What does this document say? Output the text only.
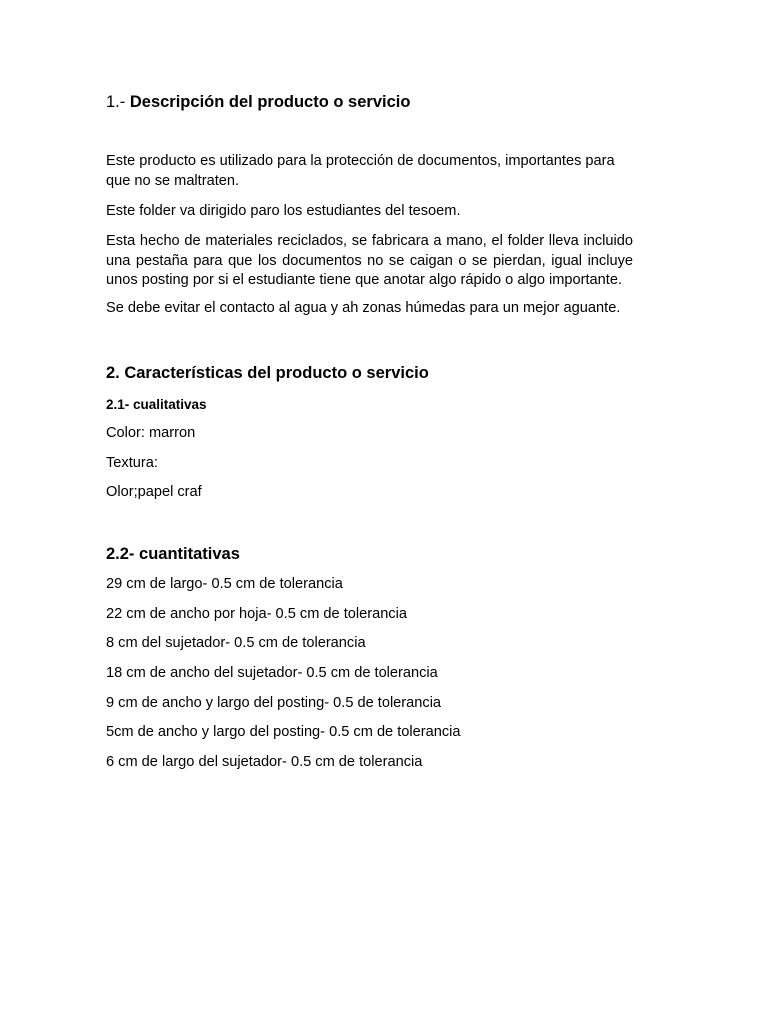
1.- Descripción del producto o servicio
Este producto es utilizado para la protección de documentos, importantes para que no se maltraten.
Este folder va dirigido paro los estudiantes del tesoem.
Esta hecho de materiales reciclados, se fabricara a mano, el folder lleva incluido una pestaña para que los documentos no se caigan o se pierdan, igual incluye unos posting por si el estudiante tiene que anotar algo rápido o algo importante.
Se debe evitar el contacto al agua y ah zonas húmedas para un mejor aguante.
2. Características del producto o servicio
2.1- cualitativas
Color: marron
Textura:
Olor;papel craf
2.2- cuantitativas
29 cm de largo- 0.5 cm de tolerancia
22 cm de ancho por hoja- 0.5 cm de tolerancia
8 cm del sujetador- 0.5 cm de tolerancia
18 cm de ancho del sujetador- 0.5 cm de tolerancia
9 cm de ancho y largo del posting- 0.5 de tolerancia
5cm de ancho y largo del posting- 0.5 cm de tolerancia
6 cm de largo del sujetador- 0.5 cm de tolerancia
